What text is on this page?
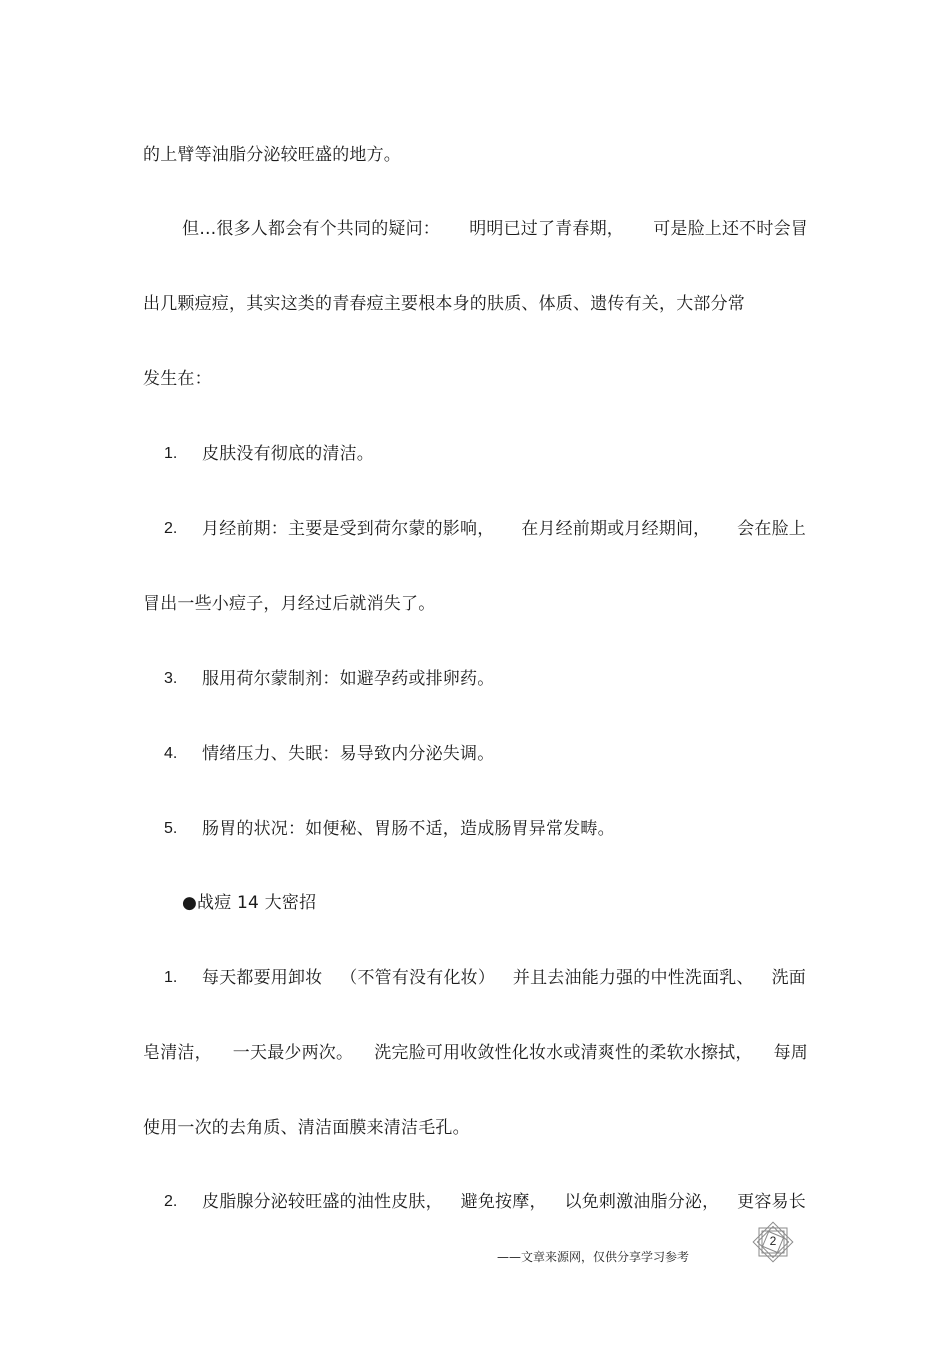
的上臂等油脂分泌较旺盛的地方。
但…很多人都会有个共同的疑问： 明明已过了青春期， 可是脸上还不时会冒
出几颗痘痘，其实这类的青春痘主要根本身的肤质、体质、遗传有关，大部分常
发生在：
1.	皮肤没有彻底的清洁。
2.	月经前期：主要是受到荷尔蒙的影响， 在月经前期或月经期间， 会在脸上
冒出一些小痘子，月经过后就消失了。
3.	服用荷尔蒙制剂：如避孕药或排卵药。
4.	情绪压力、失眠：易导致内分泌失调。
5.	肠胃的状况：如便秘、胃肠不适，造成肠胃异常发畴。
●战痘 14 大密招
1.	每天都要用卸妆 （不管有没有化妆） 并且去油能力强的中性洗面乳、 洗面
皂清洁， 一天最少两次。 洗完脸可用收敛性化妆水或清爽性的柔软水擦拭， 每周
使用一次的去角质、清洁面膜来清洁毛孔。
2.	皮脂腺分泌较旺盛的油性皮肤， 避免按摩， 以免刺激油脂分泌， 更容易长
——文章来源网，仅供分享学习参考
2
